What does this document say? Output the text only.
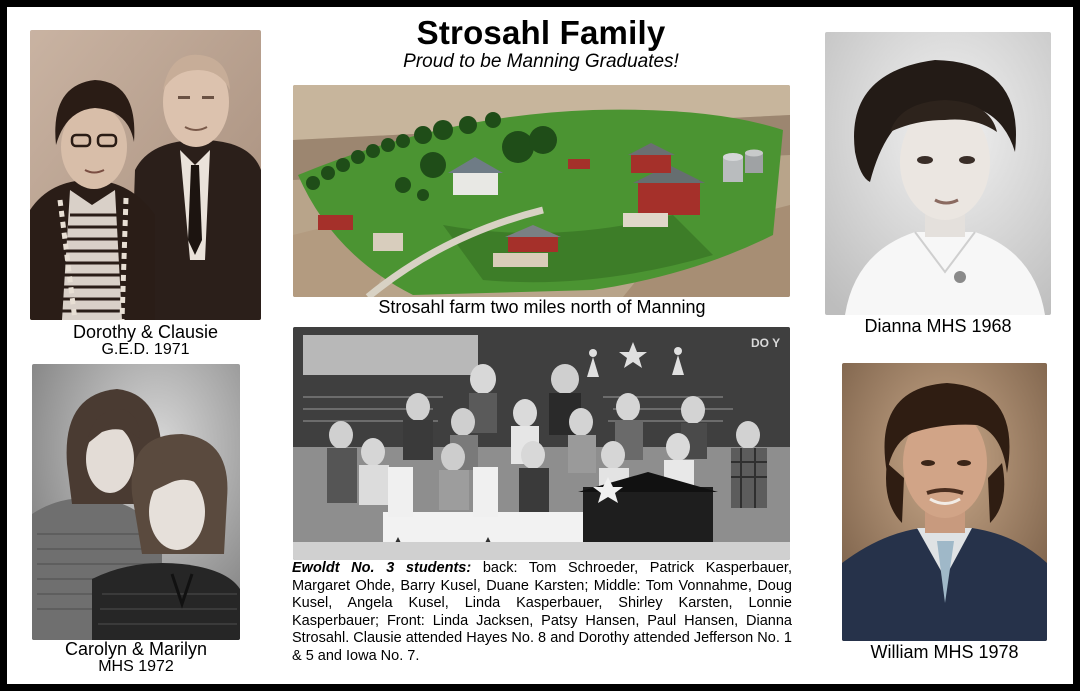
Strosahl Family
Proud to be Manning Graduates!
Dorothy & Clausie
G.E.D. 1971
Carolyn & Marilyn
MHS 1972
Strosahl farm two miles north of Manning
DO Y
Ewoldt No. 3 students: back: Tom Schroeder, Patrick Kasperbauer, Margaret Ohde, Barry Kusel, Duane Karsten; Middle: Tom Vonnahme, Doug Kusel, Angela Kusel, Linda Kasperbauer, Shirley Karsten, Lonnie Kasperbauer; Front: Linda Jacksen, Patsy Hansen, Paul Hansen, Dianna Strosahl. Clausie attended Hayes No. 8 and Dorothy attended Jefferson No. 1 & 5 and Iowa No. 7.
Dianna MHS 1968
William MHS 1978
